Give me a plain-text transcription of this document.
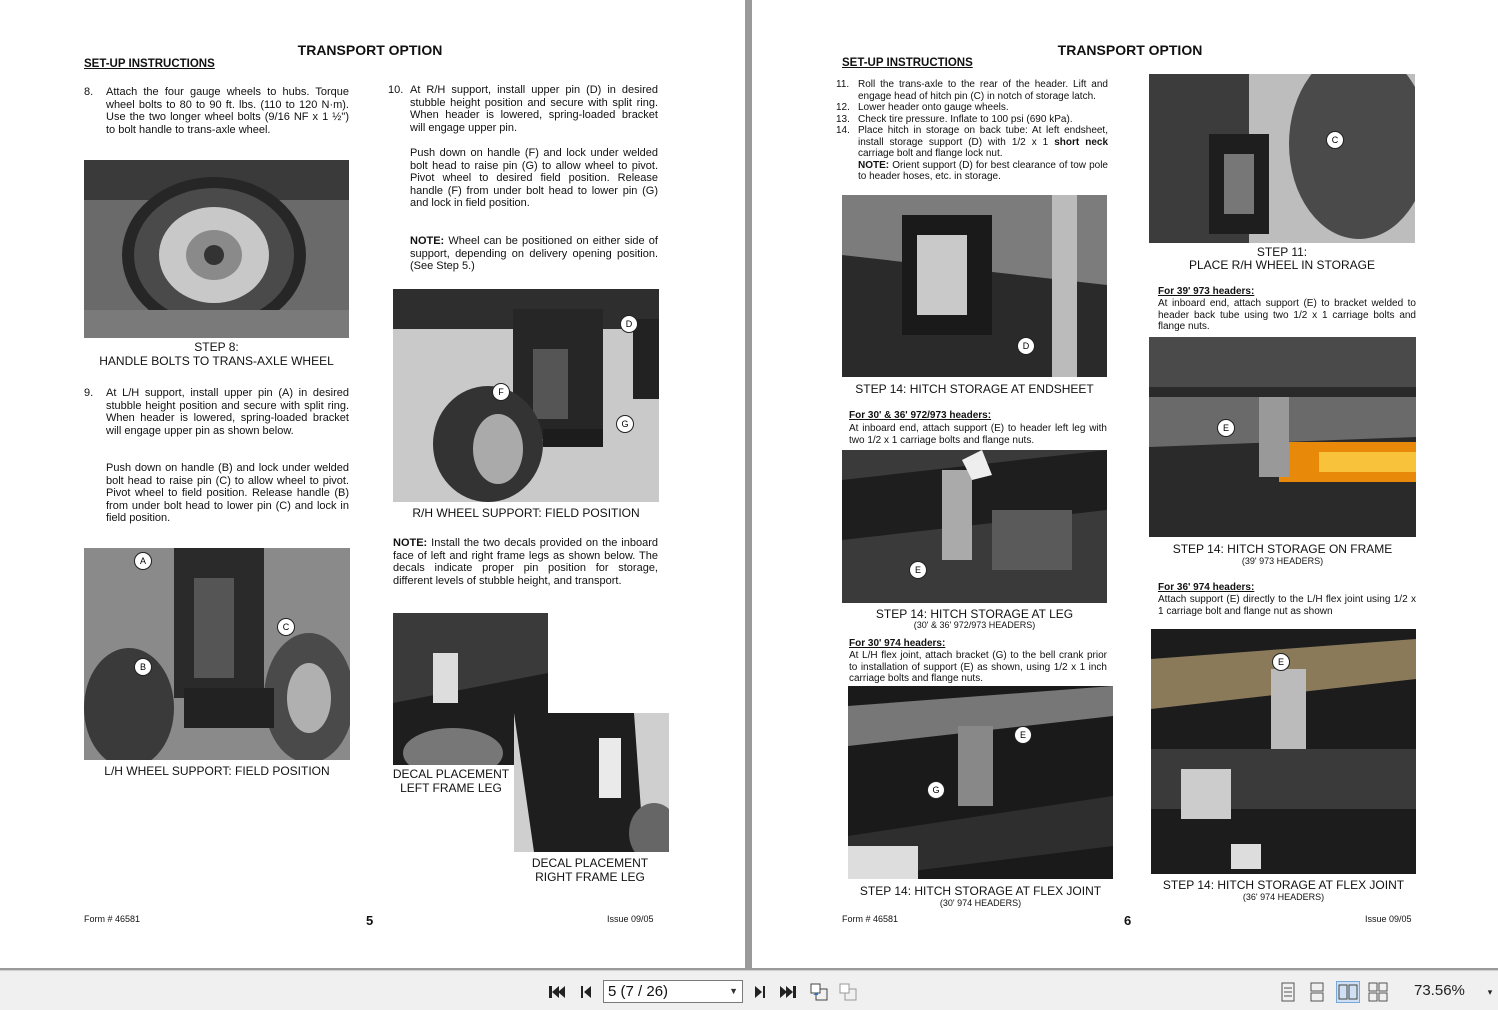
TRANSPORT OPTION
SET-UP INSTRUCTIONS
8.	Attach the four gauge wheels to hubs. Torque wheel bolts to 80 to 90 ft. lbs. (110 to 120 N·m). Use the two longer wheel bolts (9/16 NF x 1 ½") to bolt handle to trans-axle wheel.
STEP 8:
HANDLE BOLTS TO TRANS-AXLE WHEEL
9.	At L/H support, install upper pin (A) in desired stubble height position and secure with split ring. When header is lowered, spring-loaded bracket will engage upper pin as shown below.
Push down on handle (B) and lock under welded bolt head to raise pin (C) to allow wheel to pivot. Pivot wheel to field position. Release handle (B) from under bolt head to lower pin (C) and lock in field position.
A
B
C
L/H WHEEL SUPPORT: FIELD POSITION
10. At R/H support, install upper pin (D) in desired stubble height position and secure with split ring. When header is lowered, spring-loaded bracket will engage upper pin.
Push down on handle (F) and lock under welded bolt head to raise pin (G) to allow wheel to pivot. Pivot wheel to desired field position. Release handle (F) from under bolt head to lower pin (G) and lock in field position.
NOTE: Wheel can be positioned on either side of support, depending on delivery opening position. (See Step 5.)
D
F
G
R/H WHEEL SUPPORT: FIELD POSITION
NOTE: Install the two decals provided on the inboard face of left and right frame legs as shown below. The decals indicate proper pin position for storage, different levels of stubble height, and transport.
DECAL PLACEMENT
LEFT FRAME LEG
DECAL PLACEMENT
RIGHT FRAME LEG
Form # 46581	5	Issue 09/05
TRANSPORT OPTION
SET-UP INSTRUCTIONS
11. Roll the trans-axle to the rear of the header. Lift and engage head of hitch pin (C) in notch of storage latch.
12. Lower header onto gauge wheels.
13. Check tire pressure. Inflate to 100 psi (690 kPa).
14. Place hitch in storage on back tube: At left endsheet, install storage support (D) with 1/2 x 1 short neck carriage bolt and flange lock nut.
NOTE: Orient support (D) for best clearance of tow pole to header hoses, etc. in storage.
D
STEP 14: HITCH STORAGE AT ENDSHEET
For 30' & 36' 972/973 headers:
At inboard end, attach support (E) to header left leg with two 1/2 x 1 carriage bolts and flange nuts.
E
STEP 14: HITCH STORAGE AT LEG
(30' & 36' 972/973 HEADERS)
For 30' 974 headers:
At L/H flex joint, attach bracket (G) to the bell crank prior to installation of support (E) as shown, using 1/2 x 1 inch carriage bolts and flange nuts.
E
G
STEP 14: HITCH STORAGE AT FLEX JOINT
(30' 974 HEADERS)
C
STEP 11:
PLACE R/H WHEEL IN STORAGE
For 39' 973 headers:
At inboard end, attach support (E) to bracket welded to header back tube using two 1/2 x 1 carriage bolts and flange nuts.
E
STEP 14: HITCH STORAGE ON FRAME
(39' 973 HEADERS)
For 36' 974 headers:
Attach support (E) directly to the L/H flex joint using 1/2 x 1 carriage bolt and flange nut as shown
E
STEP 14: HITCH STORAGE AT FLEX JOINT
(36' 974 HEADERS)
Form # 46581	6	Issue 09/05
5 (7 / 26)	▼	73.56%	▾
